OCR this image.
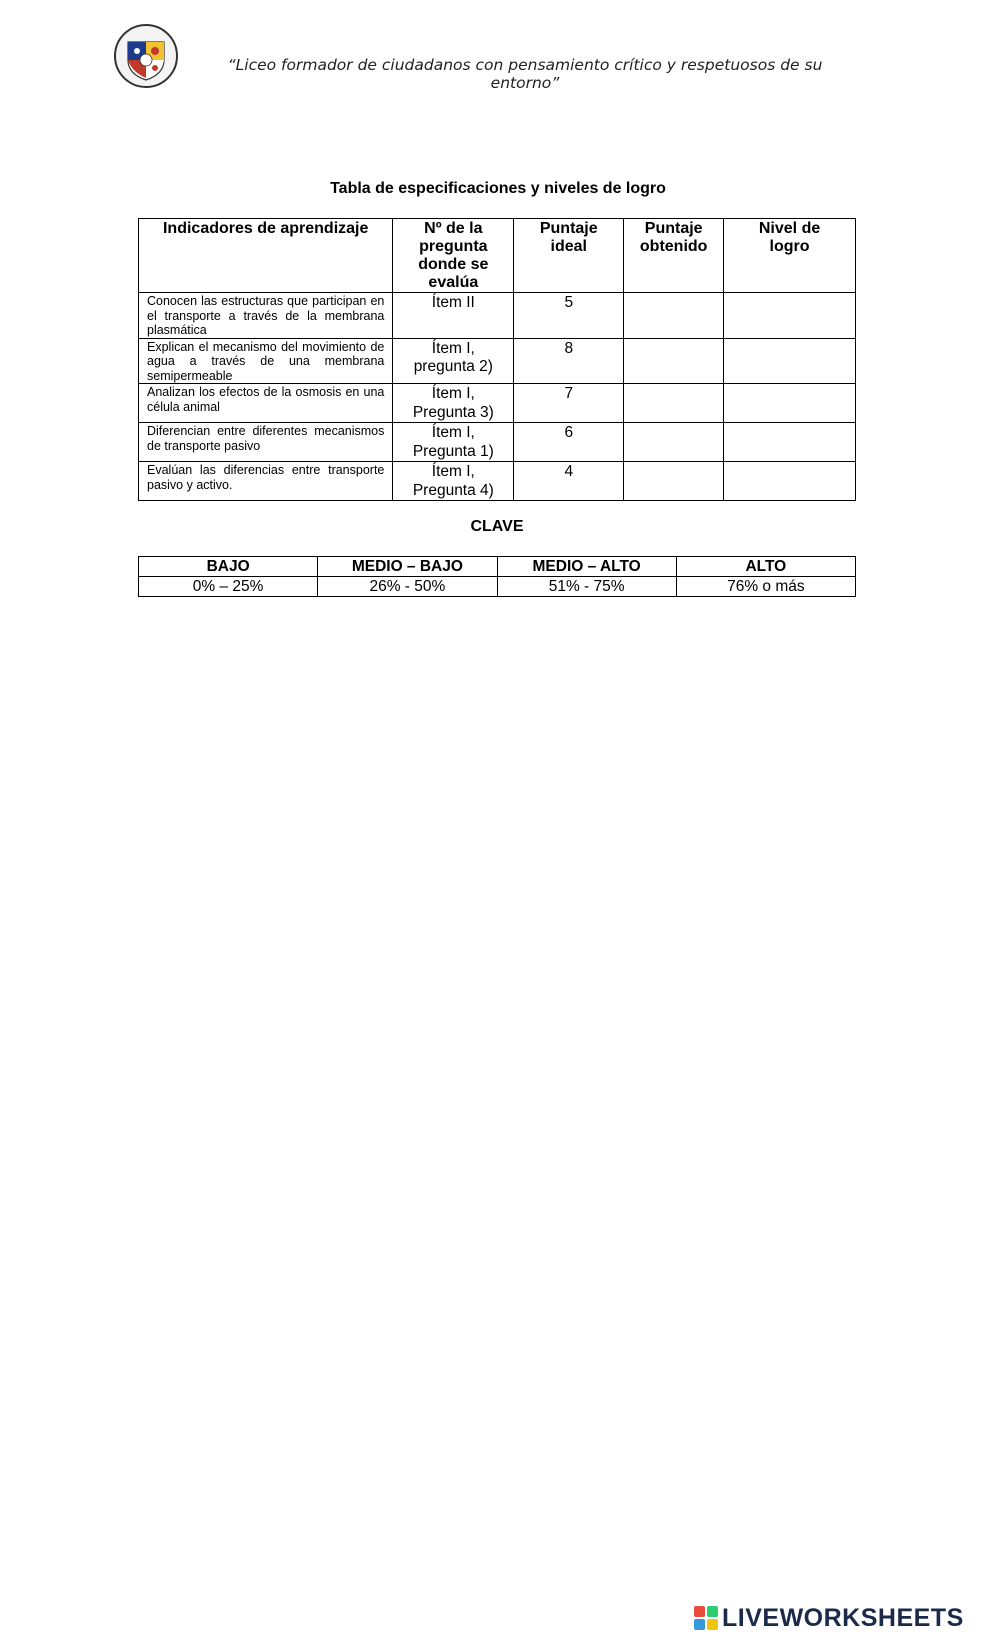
“Liceo formador de ciudadanos con pensamiento crítico y respetuosos de su entorno”
Tabla de especificaciones y niveles de logro
Indicadores de aprendizaje	Nº de la pregunta donde se evalúa	Puntaje ideal	Puntaje obtenido	Nivel de logro
Conocen las estructuras que participan en el transporte a través de la membrana plasmática	Ítem II	5		
Explican el mecanismo del movimiento de agua a través de una membrana semipermeable	Ítem I, pregunta 2)	8		
Analizan los efectos de la osmosis en una célula animal	Ítem I, Pregunta 3)	7		
Diferencian entre diferentes mecanismos de transporte pasivo	Ítem I, Pregunta 1)	6		
Evalúan las diferencias entre transporte pasivo y activo.	Ítem I, Pregunta 4)	4		
CLAVE
BAJO	MEDIO – BAJO	MEDIO – ALTO	ALTO
0% – 25%	26% - 50%	51% - 75%	76% o más
LIVEWORKSHEETS
